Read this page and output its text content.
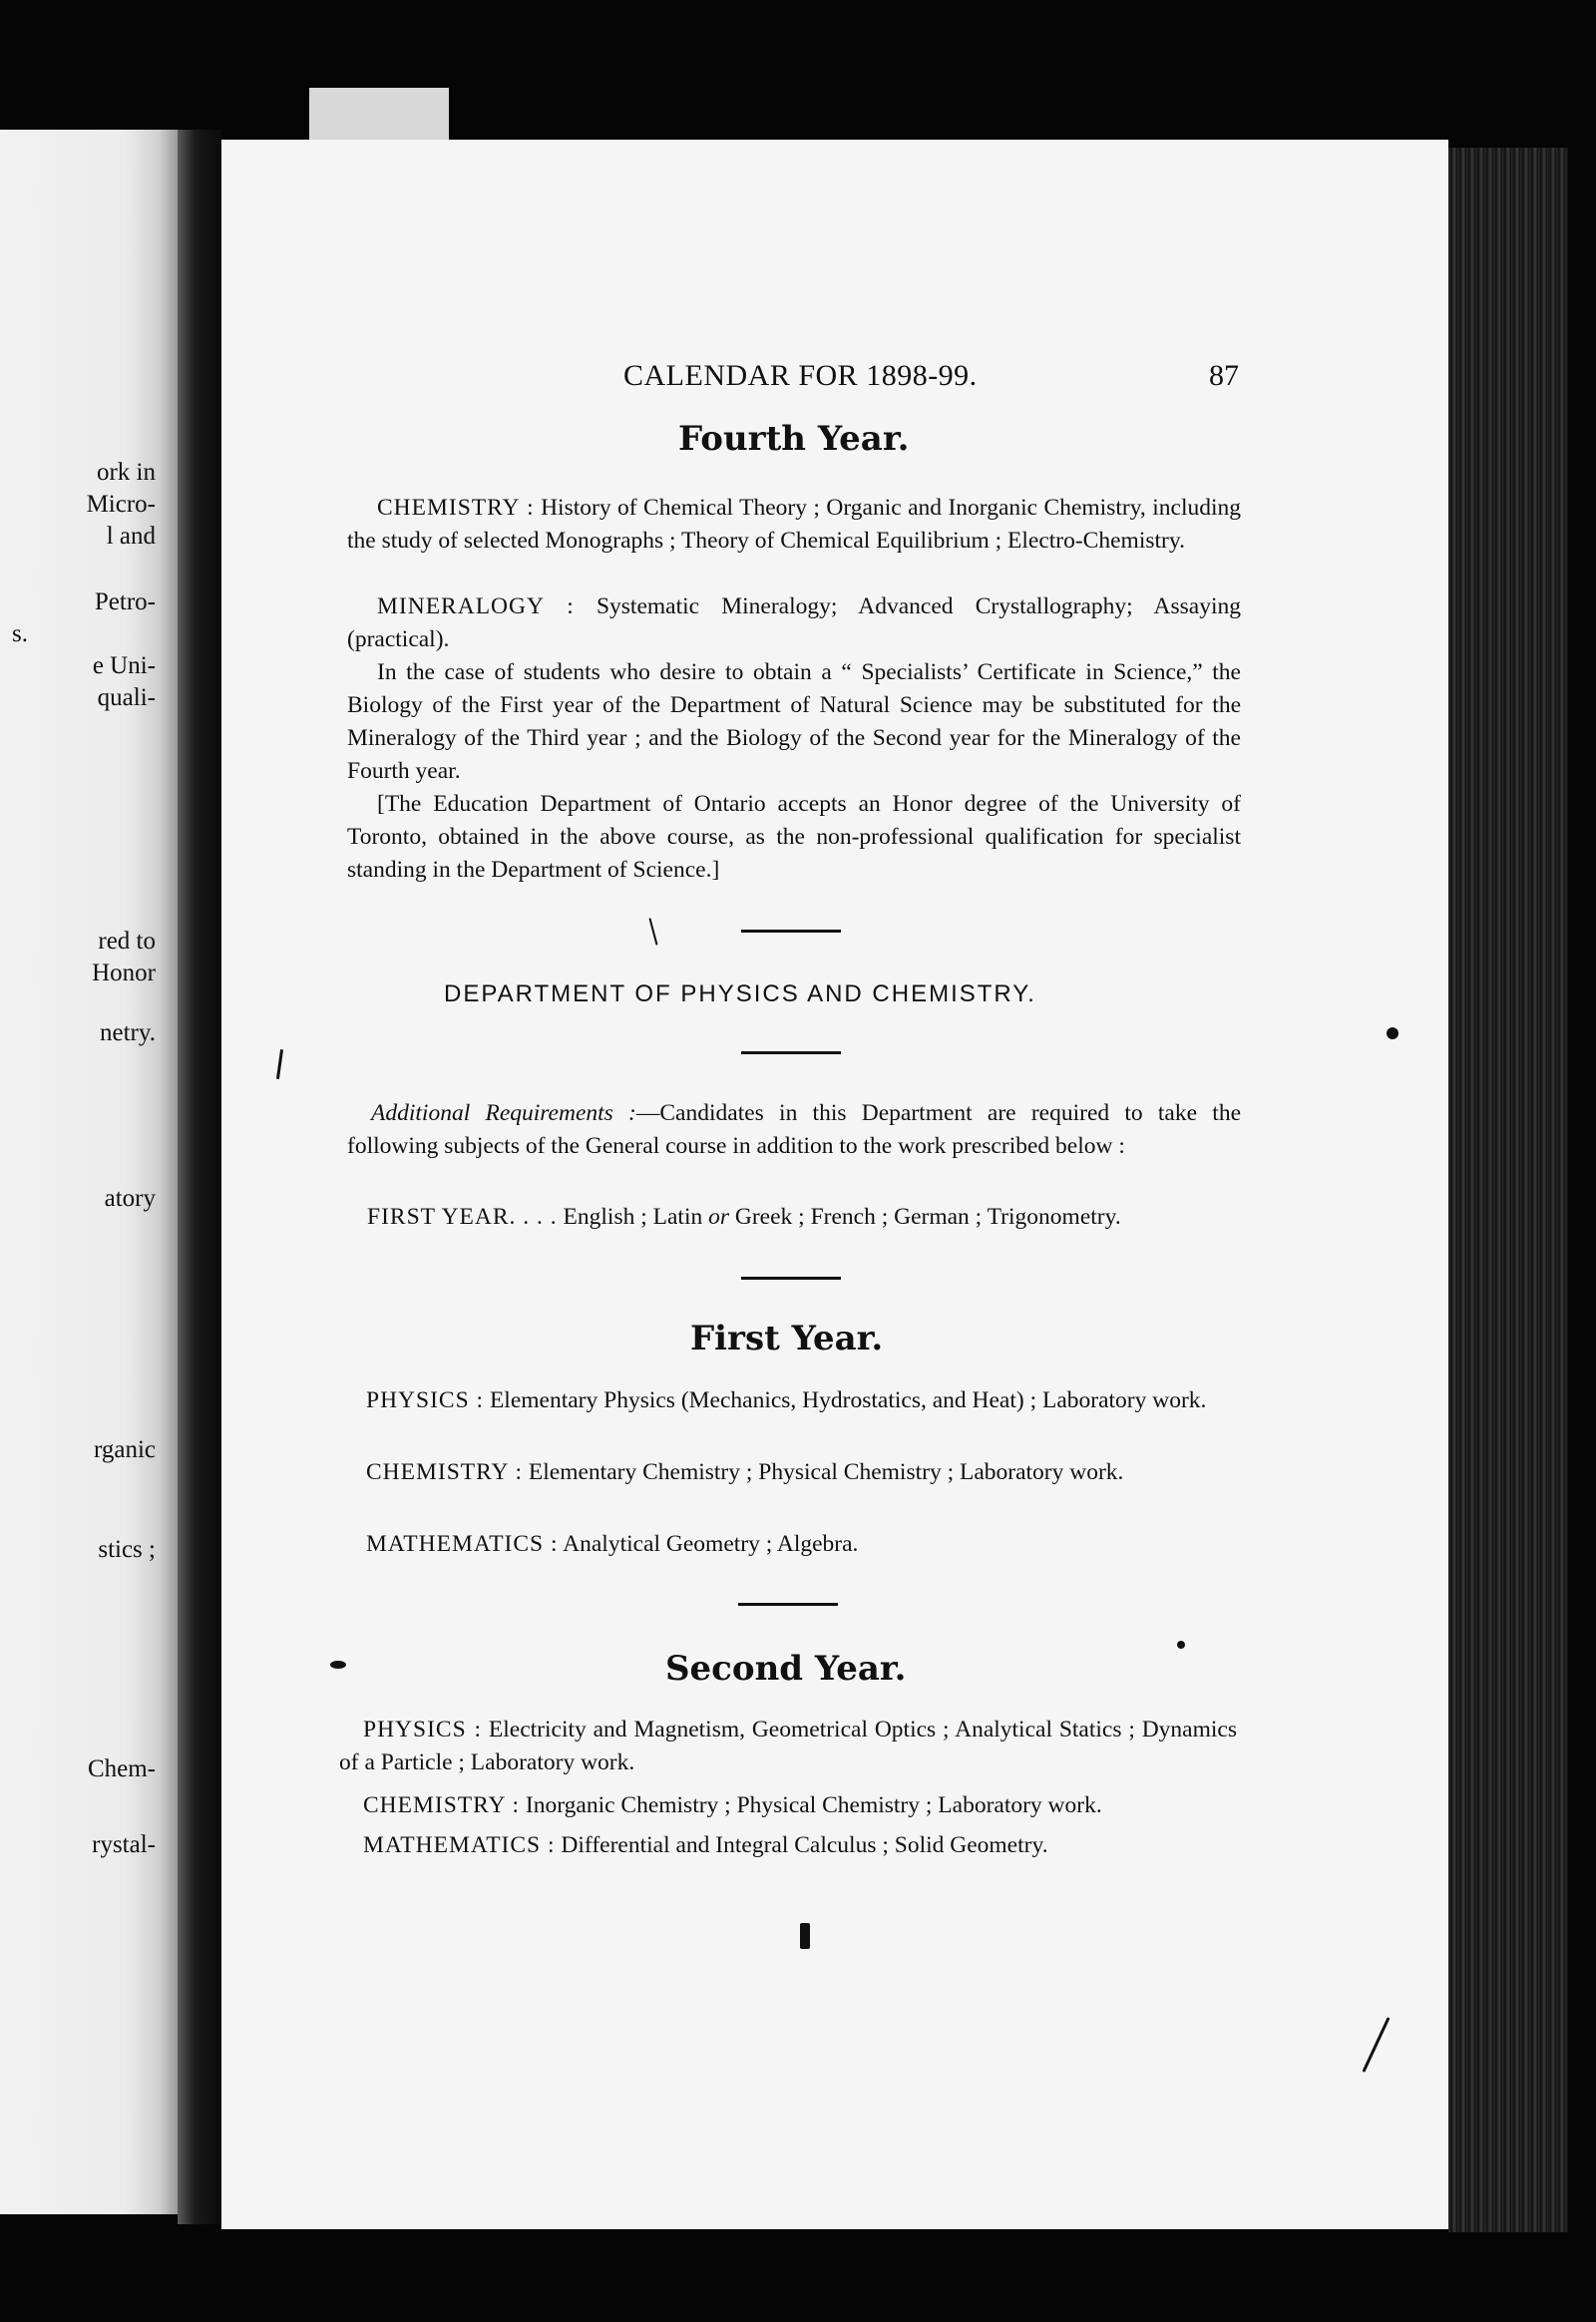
ork in
Micro-
l and
Petro-
s.
e Uni-
quali-
red to
Honor
netry.
atory
rganic
stics ;
Chem-
rystal-
CALENDAR FOR 1898-99.	87
Fourth Year.
CHEMISTRY : History of Chemical Theory ; Organic and Inorganic Chemistry, including the study of selected Monographs ; Theory of Chemical Equilibrium ; Electro-Chemistry.
MINERALOGY : Systematic Mineralogy; Advanced Crystallography; Assaying (practical).
In the case of students who desire to obtain a “ Specialists’ Certificate in Science,” the Biology of the First year of the Department of Natural Science may be substituted for the Mineralogy of the Third year ; and the Biology of the Second year for the Mineralogy of the Fourth year.
[The Education Department of Ontario accepts an Honor degree of the University of Toronto, obtained in the above course, as the non-professional qualification for specialist standing in the Department of Science.]
DEPARTMENT OF PHYSICS AND CHEMISTRY.
Additional Requirements :—Candidates in this Department are required to take the following subjects of the General course in addition to the work prescribed below :
FIRST YEAR. . . . English ; Latin or Greek ; French ; German ; Trigonometry.
First Year.
PHYSICS : Elementary Physics (Mechanics, Hydrostatics, and Heat) ; Laboratory work.
CHEMISTRY : Elementary Chemistry ; Physical Chemistry ; Laboratory work.
MATHEMATICS : Analytical Geometry ; Algebra.
Second Year.
PHYSICS : Electricity and Magnetism, Geometrical Optics ; Analytical Statics ; Dynamics of a Particle ; Laboratory work.
CHEMISTRY : Inorganic Chemistry ; Physical Chemistry ; Laboratory work.
MATHEMATICS : Differential and Integral Calculus ; Solid Geometry.
